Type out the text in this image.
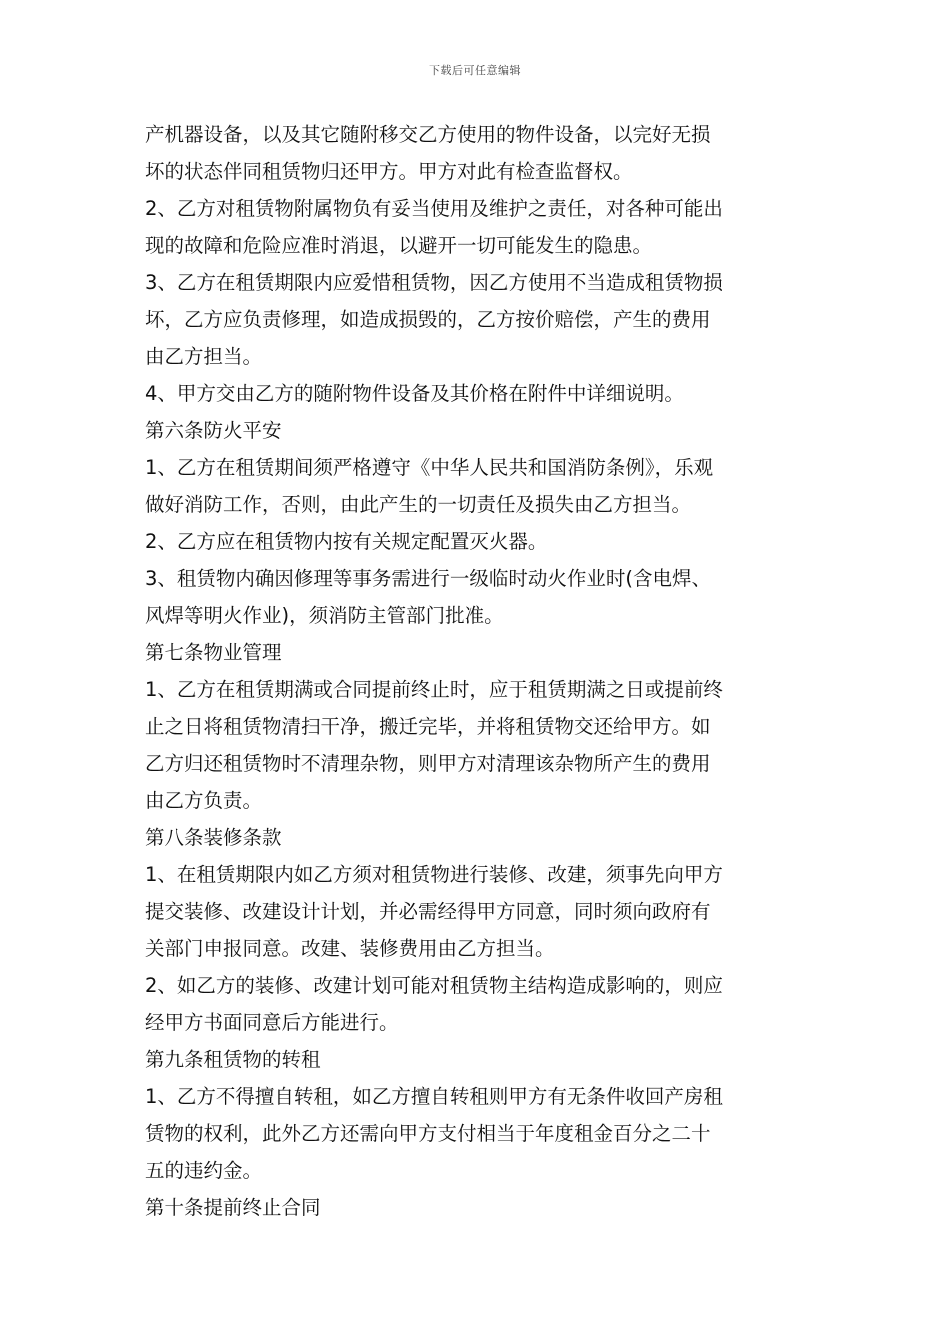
下载后可任意编辑

产机器设备，以及其它随附移交乙方使用的物件设备，以完好无损

坏的状态伴同租赁物归还甲方。甲方对此有检查监督权。

2、乙方对租赁物附属物负有妥当使用及维护之责任，对各种可能出

现的故障和危险应准时消退，以避开一切可能发生的隐患。

3、乙方在租赁期限内应爱惜租赁物，因乙方使用不当造成租赁物损

坏，乙方应负责修理，如造成损毁的，乙方按价赔偿，产生的费用

由乙方担当。

4、甲方交由乙方的随附物件设备及其价格在附件中详细说明。

第六条防火平安

1、乙方在租赁期间须严格遵守《中华人民共和国消防条例》，乐观

做好消防工作，否则，由此产生的一切责任及损失由乙方担当。

2、乙方应在租赁物内按有关规定配置灭火器。

3、租赁物内确因修理等事务需进行一级临时动火作业时(含电焊、

风焊等明火作业)，须消防主管部门批准。

第七条物业管理

1、乙方在租赁期满或合同提前终止时，应于租赁期满之日或提前终

止之日将租赁物清扫干净，搬迁完毕，并将租赁物交还给甲方。如

乙方归还租赁物时不清理杂物，则甲方对清理该杂物所产生的费用

由乙方负责。

第八条装修条款

1、在租赁期限内如乙方须对租赁物进行装修、改建，须事先向甲方

提交装修、改建设计计划，并必需经得甲方同意，同时须向政府有

关部门申报同意。改建、装修费用由乙方担当。

2、如乙方的装修、改建计划可能对租赁物主结构造成影响的，则应

经甲方书面同意后方能进行。

第九条租赁物的转租

1、乙方不得擅自转租，如乙方擅自转租则甲方有无条件收回产房租

赁物的权利，此外乙方还需向甲方支付相当于年度租金百分之二十

五的违约金。

第十条提前终止合同
